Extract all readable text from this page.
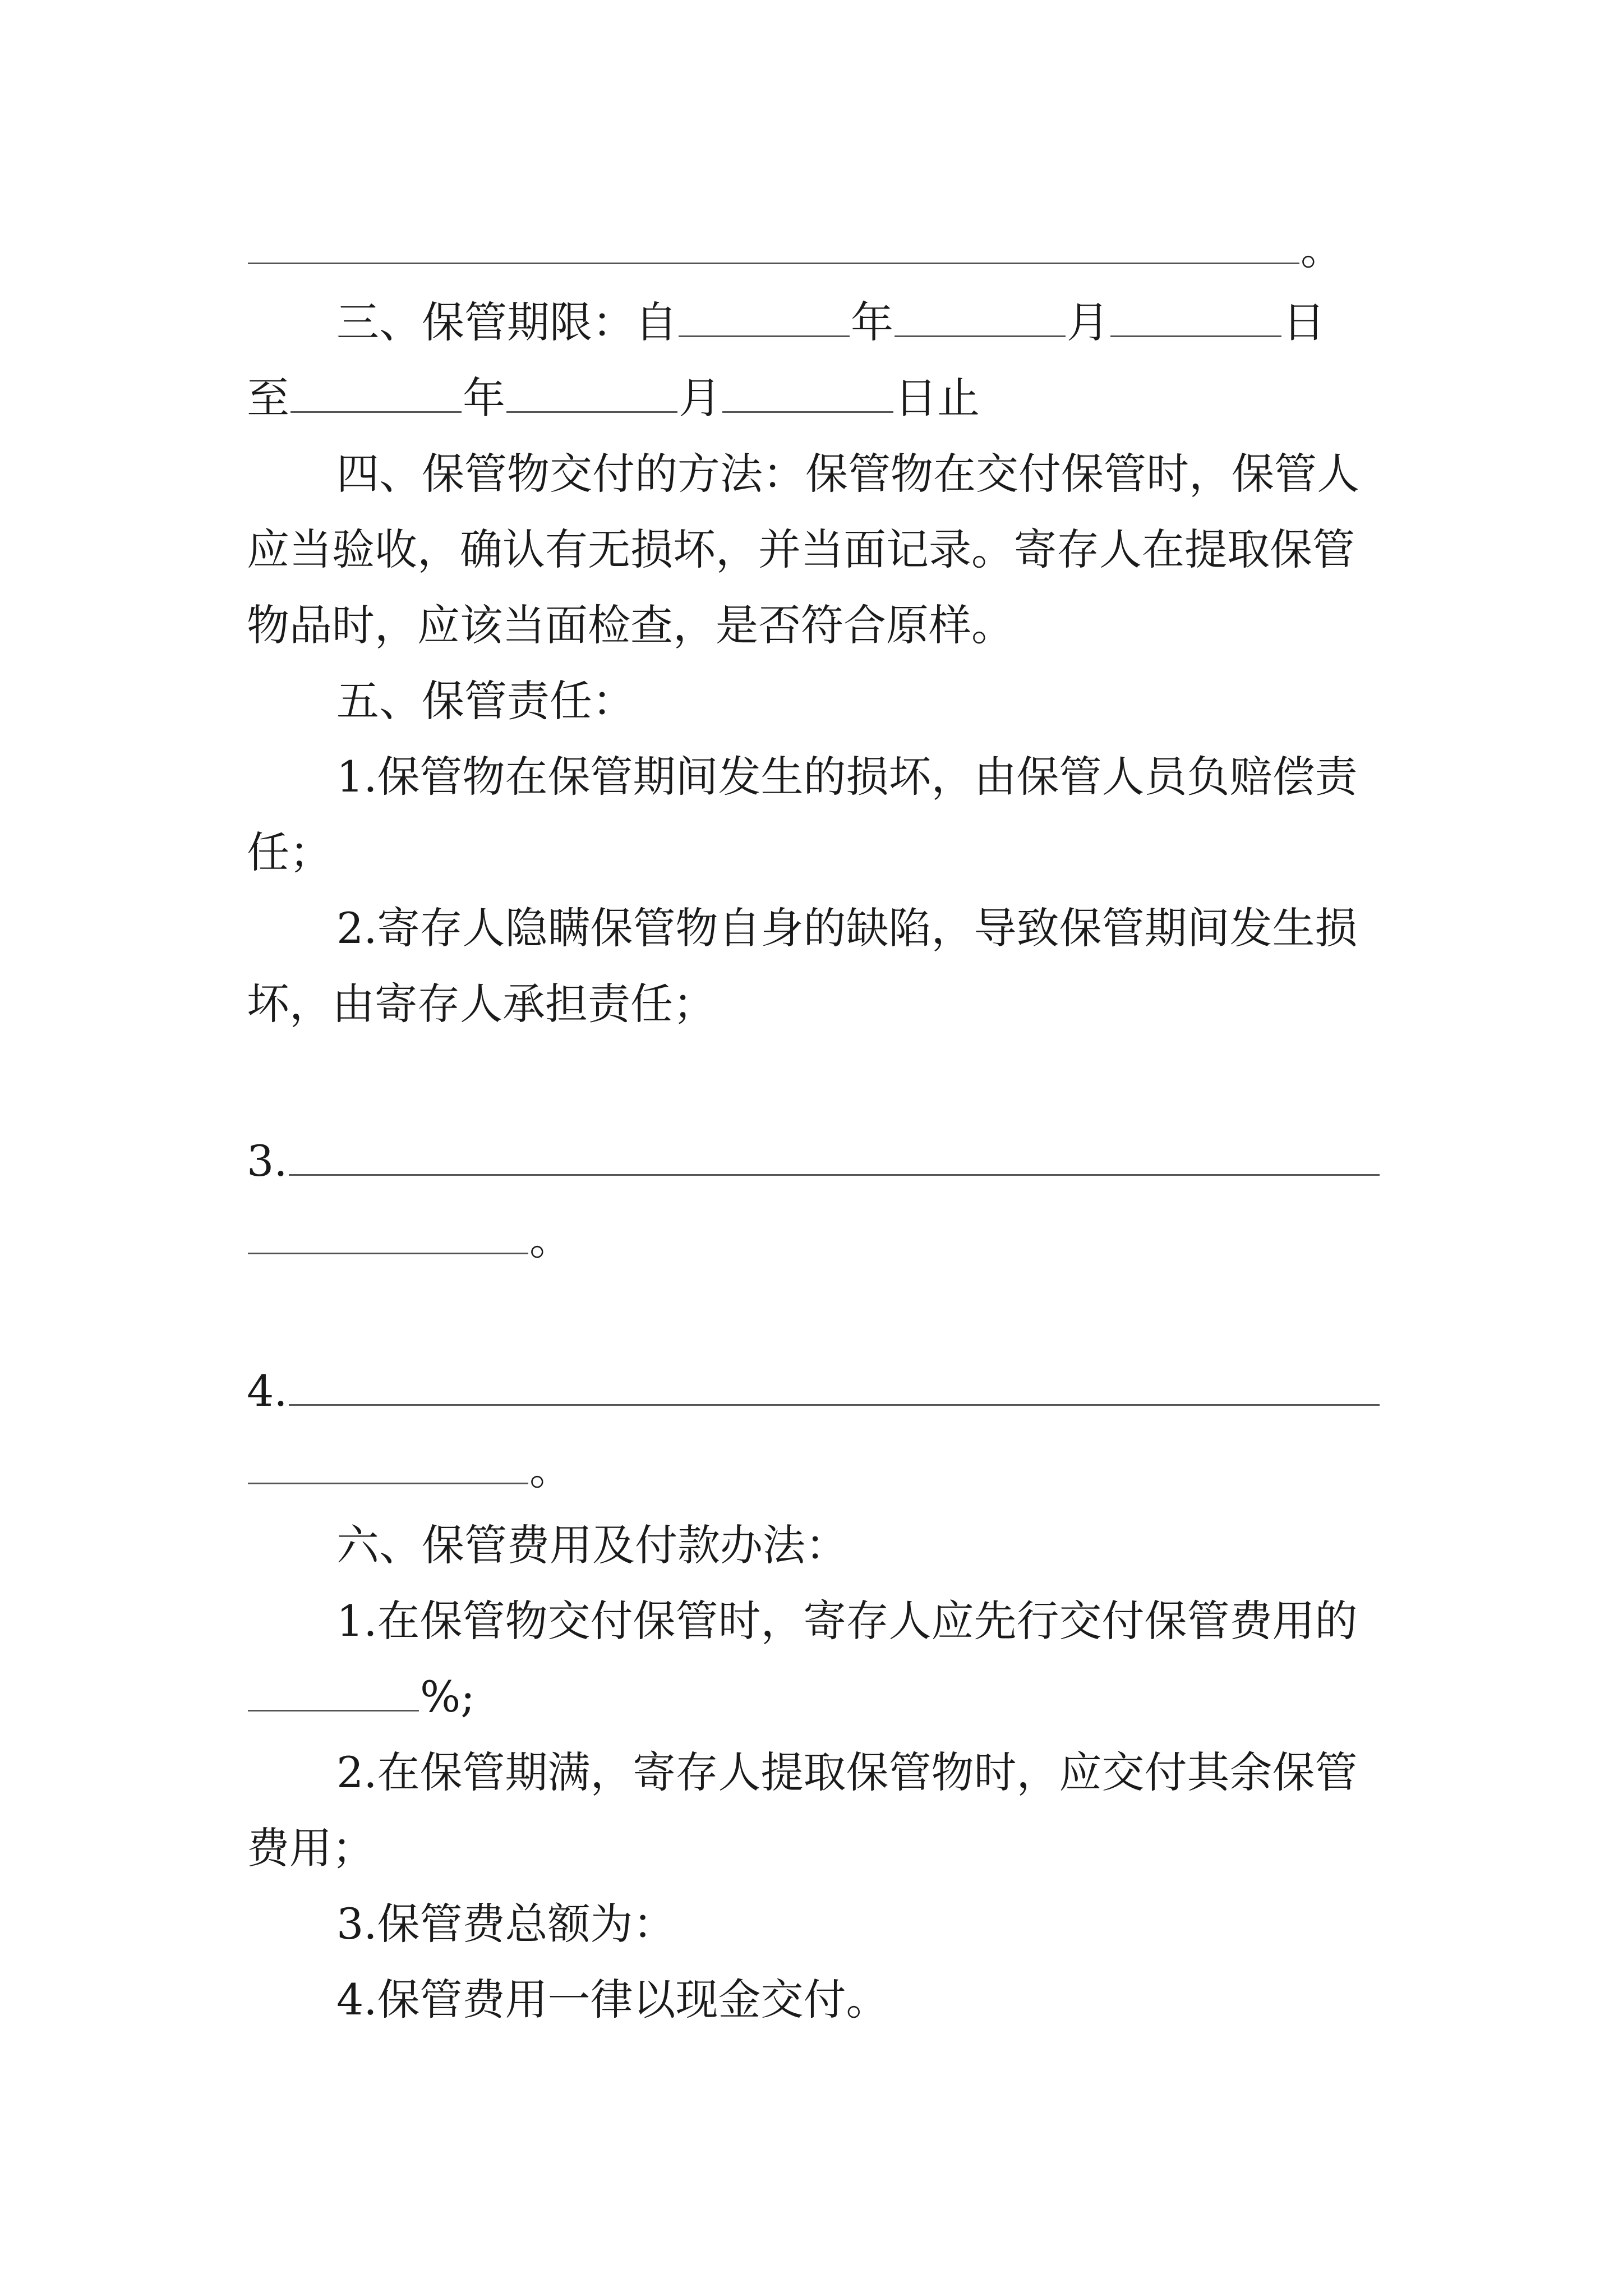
。
三、保管期限：自	年	月	日
至	年	月	日止
四、保管物交付的方法：保管物在交付保管时，保管人
应当验收，确认有无损坏，并当面记录。寄存人在提取保管
物品时，应该当面检查，是否符合原样。
五、保管责任：
1.保管物在保管期间发生的损坏，由保管人员负赔偿责
任；
2.寄存人隐瞒保管物自身的缺陷，导致保管期间发生损
坏，由寄存人承担责任；
3.
。
4.
。
六、保管费用及付款办法：
1.在保管物交付保管时，寄存人应先行交付保管费用的
%;
2.在保管期满，寄存人提取保管物时，应交付其余保管
费用；
3.保管费总额为：
4.保管费用一律以现金交付。
